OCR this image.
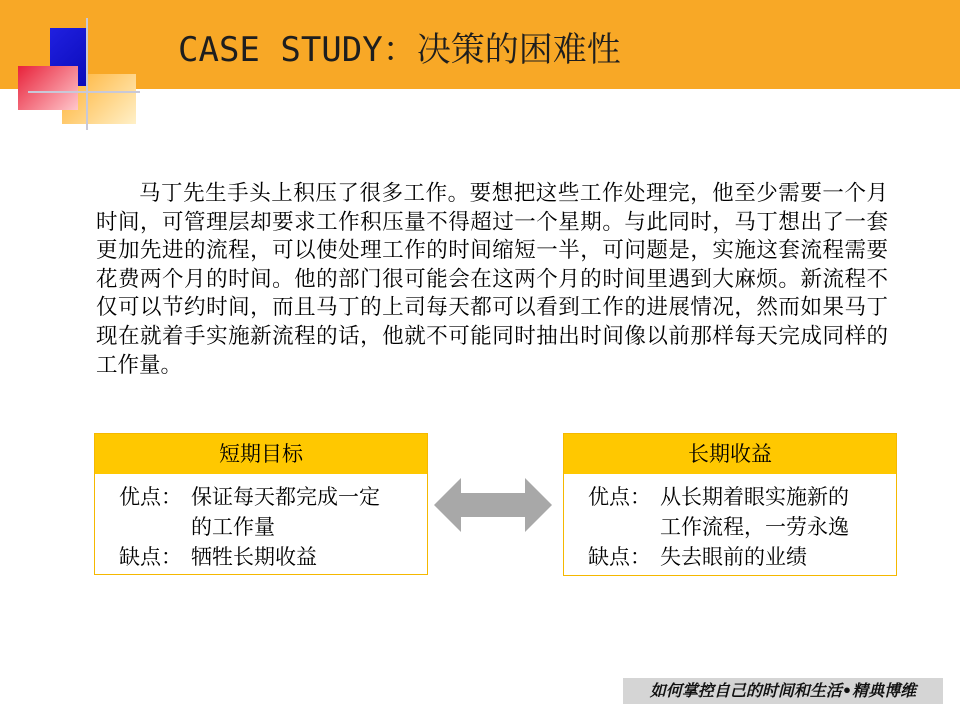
CASE STUDY：决策的困难性
马丁先生手头上积压了很多工作。要想把这些工作处理完，他至少需要一个月时间，可管理层却要求工作积压量不得超过一个星期。与此同时，马丁想出了一套更加先进的流程，可以使处理工作的时间缩短一半，可问题是，实施这套流程需要花费两个月的时间。他的部门很可能会在这两个月的时间里遇到大麻烦。新流程不仅可以节约时间，而且马丁的上司每天都可以看到工作的进展情况，然而如果马丁现在就着手实施新流程的话，他就不可能同时抽出时间像以前那样每天完成同样的工作量。
短期目标
优点： 保证每天都完成一定
的工作量
缺点： 牺牲长期收益
长期收益
优点： 从长期着眼实施新的
工作流程，一劳永逸
缺点： 失去眼前的业绩
如何掌控自己的时间和生活•精典博维
